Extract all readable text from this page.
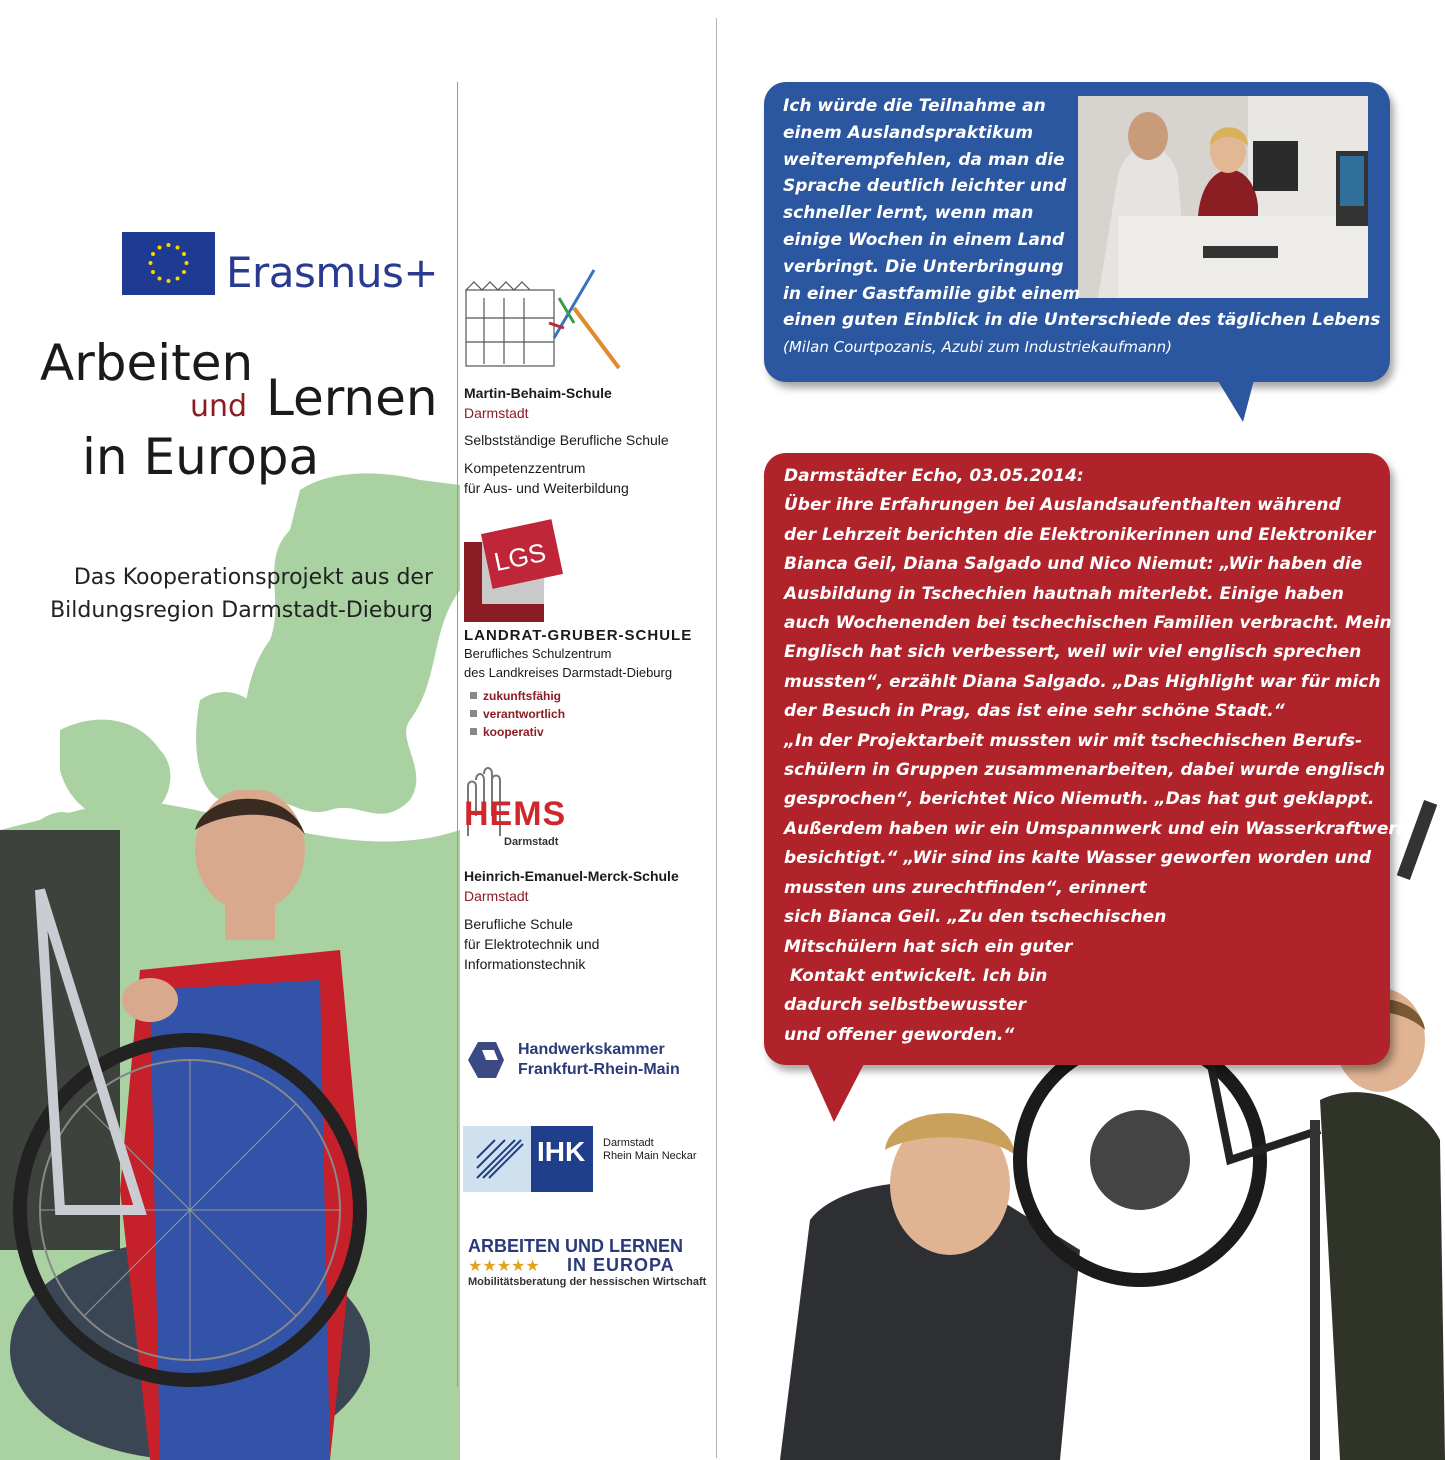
Erasmus+
Arbeiten
und Lernen
in Europa
Das Kooperationsprojekt aus der
Bildungsregion Darmstadt-Dieburg
Martin-Behaim-Schule
Darmstadt
Selbstständige Berufliche Schule
Kompetenzzentrum
für Aus- und Weiterbildung
LGS
LANDRAT-GRUBER-SCHULE
Berufliches Schulzentrum
des Landkreises Darmstadt-Dieburg
zukunftsfähig
verantwortlich
kooperativ
HEMS
Darmstadt
Heinrich-Emanuel-Merck-Schule
Darmstadt
Berufliche Schule
für Elektrotechnik und
Informationstechnik
Handwerkskammer
Frankfurt-Rhein-Main
IHK Darmstadt
Rhein Main Neckar
ARBEITEN UND LERNEN
★★★★★ IN EUROPA
Mobilitätsberatung der hessischen Wirtschaft
Ich würde die Teilnahme an
einem Auslandspraktikum
weiterempfehlen, da man die
Sprache deutlich leichter und
schneller lernt, wenn man
einige Wochen in einem Land
verbringt. Die Unterbringung
in einer Gastfamilie gibt einem
einen guten Einblick in die Unterschiede des täglichen Lebens
(Milan Courtpozanis, Azubi zum Industriekaufmann)
Darmstädter Echo, 03.05.2014:
Über ihre Erfahrungen bei Auslandsaufenthalten während
der Lehrzeit berichten die Elektronikerinnen und Elektroniker
Bianca Geil, Diana Salgado und Nico Niemut: „Wir haben die
Ausbildung in Tschechien hautnah miterlebt. Einige haben
auch Wochenenden bei tschechischen Familien verbracht. Mein
Englisch hat sich verbessert, weil wir viel englisch sprechen
mussten“, erzählt Diana Salgado. „Das Highlight war für mich
der Besuch in Prag, das ist eine sehr schöne Stadt.“
„In der Projektarbeit mussten wir mit tschechischen Berufs-
schülern in Gruppen zusammenarbeiten, dabei wurde englisch
gesprochen“, berichtet Nico Niemuth. „Das hat gut geklappt.
Außerdem haben wir ein Umspannwerk und ein Wasserkraftwerk
besichtigt.“ „Wir sind ins kalte Wasser geworfen worden und
mussten uns zurechtfinden“, erinnert
sich Bianca Geil. „Zu den tschechischen
Mitschülern hat sich ein guter
Kontakt entwickelt. Ich bin
dadurch selbstbewusster
und offener geworden.“
